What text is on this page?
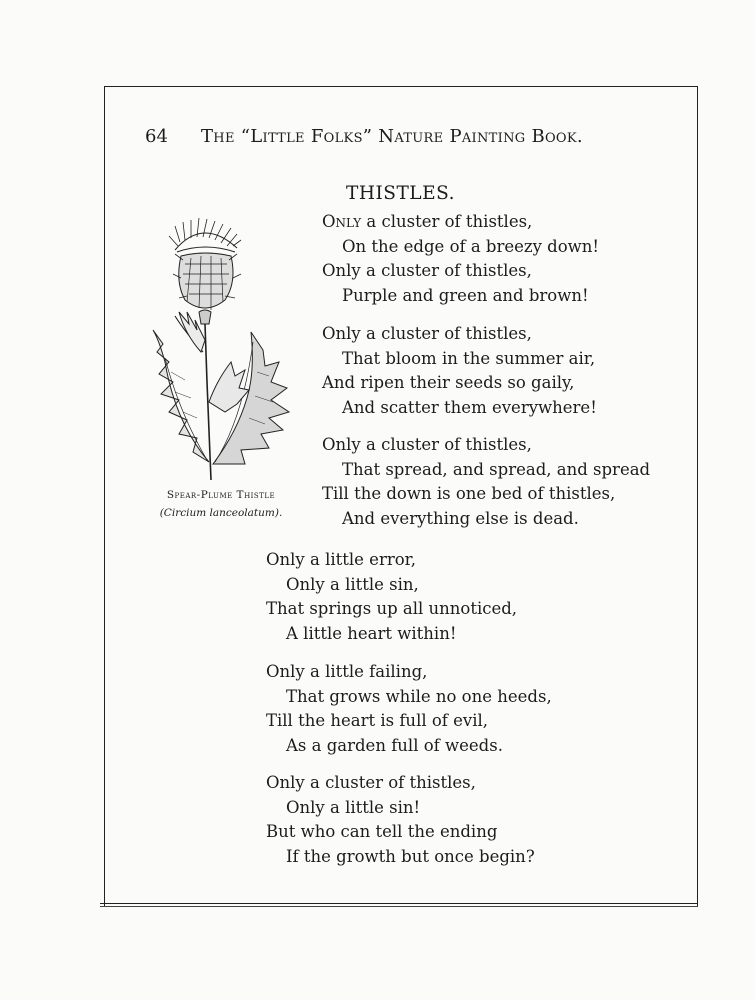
64 The “Little Folks” Nature Painting Book.
THISTLES.
Only a cluster of thistles,
On the edge of a breezy down!
Only a cluster of thistles,
Purple and green and brown!
Only a cluster of thistles,
That bloom in the summer air,
And ripen their seeds so gaily,
And scatter them everywhere!
Only a cluster of thistles,
That spread, and spread, and spread
Till the down is one bed of thistles,
And everything else is dead.
Only a little error,
Only a little sin,
That springs up all unnoticed,
A little heart within!
Only a little failing,
That grows while no one heeds,
Till the heart is full of evil,
As a garden full of weeds.
Only a cluster of thistles,
Only a little sin!
But who can tell the ending
If the growth but once begin?
Spear-Plume Thistle
(Circium lanceolatum).
